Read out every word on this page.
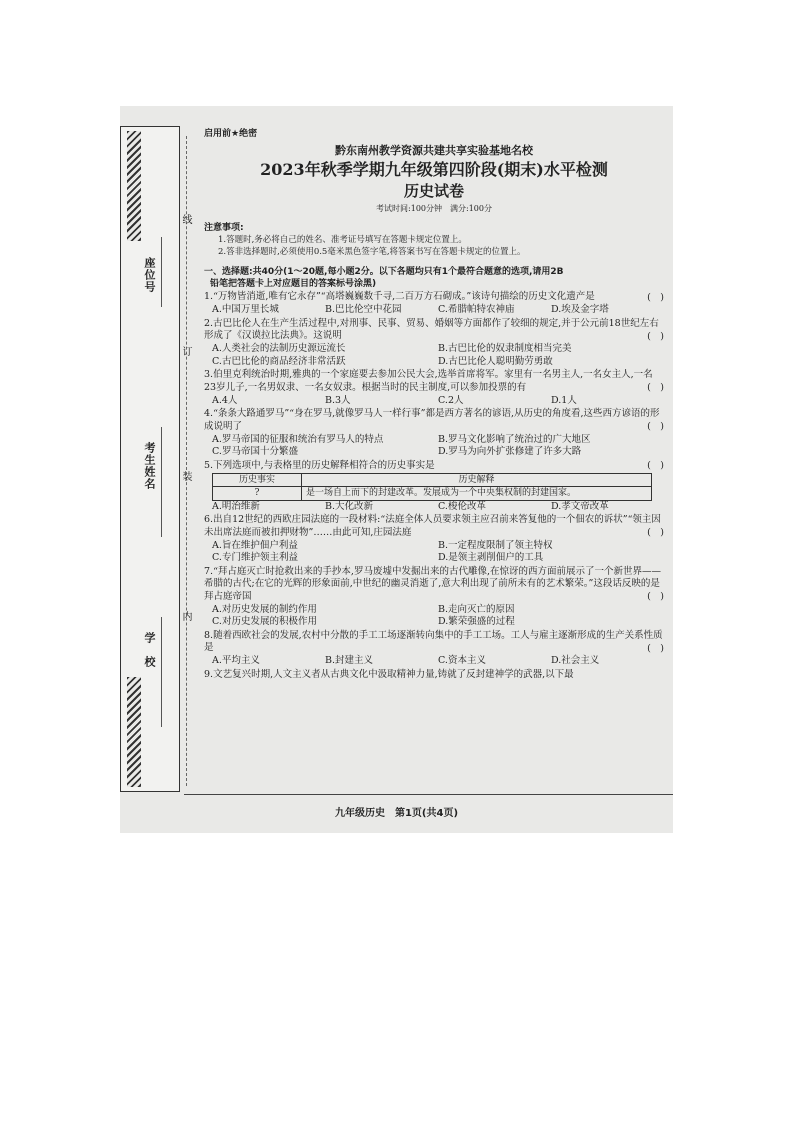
座位号
考生姓名
学　校
线
订
装
内
启用前★绝密
黔东南州教学资源共建共享实验基地名校
2023年秋季学期九年级第四阶段(期末)水平检测
历史试卷
考试时间:100分钟　满分:100分
注意事项:
1.答题时,务必将自己的姓名、准考证号填写在答题卡规定位置上。
2.答非选择题时,必须使用0.5毫米黑色签字笔,将答案书写在答题卡规定的位置上。
一、选择题:共40分(1～20题,每小题2分。以下各题均只有1个最符合题意的选项,请用2B
铅笔把答题卡上对应题目的答案标号涂黑)
1.“万物皆消逝,唯有它永存”“高塔巍巍数千寻,二百万方石砌成。”该诗句描绘的历史文化遗产是	(　)
A.中国万里长城	B.巴比伦空中花园	C.希腊帕特农神庙	D.埃及金字塔
2.古巴比伦人在生产生活过程中,对刑事、民事、贸易、婚姻等方面都作了较细的规定,并于公元前18世纪左右形成了《汉谟拉比法典》。这说明	(　)
A.人类社会的法制历史源远流长	B.古巴比伦的奴隶制度相当完美
C.古巴比伦的商品经济非常活跃	D.古巴比伦人聪明勤劳勇敢
3.伯里克利统治时期,雅典的一个家庭要去参加公民大会,选举首席将军。家里有一名男主人,一名女主人,一名23岁儿子,一名男奴隶、一名女奴隶。根据当时的民主制度,可以参加投票的有	(　)
A.4人	B.3人	C.2人	D.1人
4.“条条大路通罗马”“身在罗马,就像罗马人一样行事”都是西方著名的谚语,从历史的角度看,这些西方谚语的形成说明了	(　)
A.罗马帝国的征服和统治有罗马人的特点	B.罗马文化影响了统治过的广大地区
C.罗马帝国十分繁盛	D.罗马为向外扩张修建了许多大路
5.下列选项中,与表格里的历史解释相符合的历史事实是	(　)
历史事实	历史解释
?	是一场自上而下的封建改革。发展成为一个中央集权制的封建国家。
A.明治维新	B.大化改新	C.梭伦改革	D.孝文帝改革
6.出自12世纪的西欧庄园法庭的一段材料:“法庭全体人员要求领主应召前来答复他的一个佃农的诉状”“领主因未出席法庭而被扣押财物”……由此可知,庄园法庭	(　)
A.旨在维护佃户利益	B.一定程度限制了领主特权
C.专门维护领主利益	D.是领主剥削佃户的工具
7.“拜占庭灭亡时抢救出来的手抄本,罗马废墟中发掘出来的古代雕像,在惊讶的西方面前展示了一个新世界——希腊的古代;在它的光辉的形象面前,中世纪的幽灵消逝了,意大利出现了前所未有的艺术繁荣。”这段话反映的是拜占庭帝国	(　)
A.对历史发展的制约作用	B.走向灭亡的原因
C.对历史发展的积极作用	D.繁荣强盛的过程
8.随着西欧社会的发展,农村中分散的手工工场逐渐转向集中的手工工场。工人与雇主逐渐形成的生产关系性质是	(　)
A.平均主义	B.封建主义	C.资本主义	D.社会主义
9.文艺复兴时期,人文主义者从古典文化中汲取精神力量,铸就了反封建神学的武器,以下最
九年级历史　第1页(共4页)
